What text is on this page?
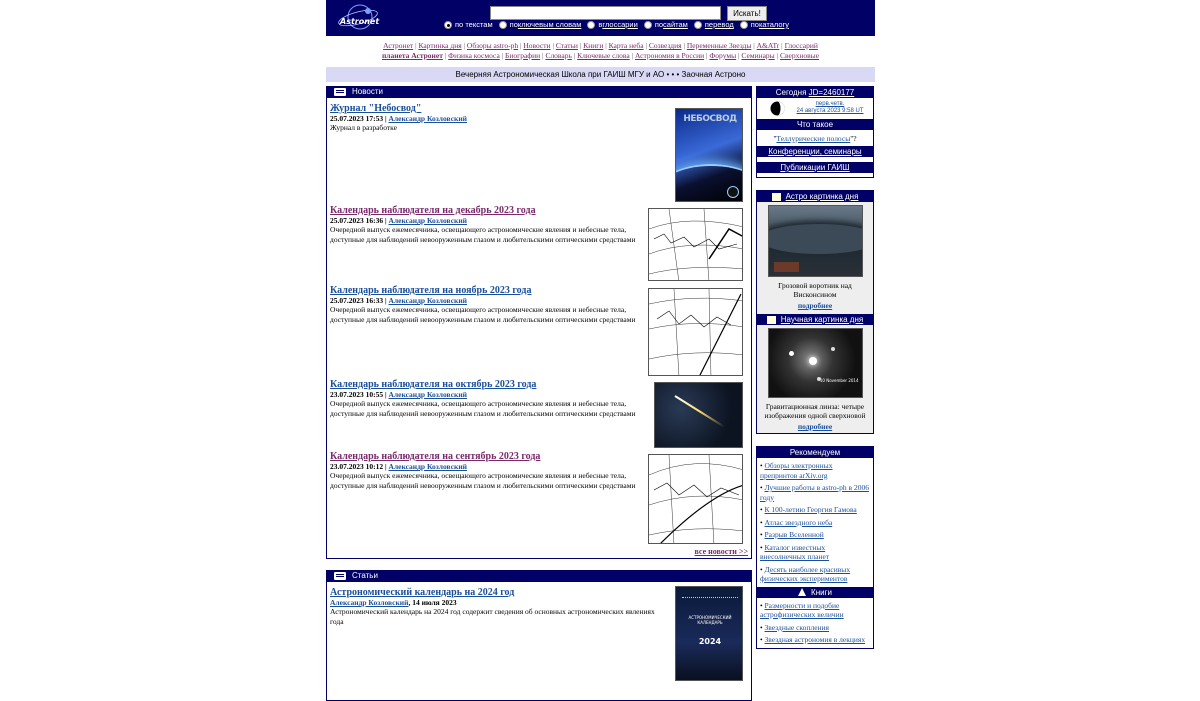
Astronet
Искать!
по текстам по ключевым словам в глоссарии по сайтам перевод по каталогу
Астронет | Картинка дня | Обзоры astro-ph | Новости | Статьи | Книги | Карта неба | Созвездия | Переменные Звезды | A&ATr | Глоссарий
планета Астронет | Физика космоса | Биографии | Словарь | Ключевые слова | Астрономия в России | Форумы | Семинары | Сверхновые
Вечерняя Астрономическая Школа при ГАИШ МГУ и АО • • • Заочная Астроно
Новости
Журнал "Небосвод"
25.07.2023 17:53 | Александр Козловский
Журнал в разработке
НЕБОСВОД
Календарь наблюдателя на декабрь 2023 года
25.07.2023 16:36 | Александр Козловский
Очередной выпуск ежемесячника, освещающего астрономические явления и небесные тела, доступные для наблюдений невооруженным глазом и любительскими оптическими средствами
Календарь наблюдателя на ноябрь 2023 года
25.07.2023 16:33 | Александр Козловский
Очередной выпуск ежемесячника, освещающего астрономические явления и небесные тела, доступные для наблюдений невооруженным глазом и любительскими оптическими средствами
Календарь наблюдателя на октябрь 2023 года
23.07.2023 10:55 | Александр Козловский
Очередной выпуск ежемесячника, освещающего астрономические явления и небесные тела, доступные для наблюдений невооруженным глазом и любительскими оптическими средствами
Календарь наблюдателя на сентябрь 2023 года
23.07.2023 10:12 | Александр Козловский
Очередной выпуск ежемесячника, освещающего астрономические явления и небесные тела, доступные для наблюдений невооруженным глазом и любительскими оптическими средствами
все новости >>
Статьи
Астрономический календарь на 2024 год
Александр Козловский, 14 июля 2023
Астрономический календарь на 2024 год содержит сведения об основных астрономических явлениях года	АСТРОНОМИЧЕСКИЙ КАЛЕНДАРЬ
2024
Сегодня JD=2460177
перв.четв.
24 августа 2023 9:58 UT
Что такое
"Теллурические полосы"?
Конференции, семинары
Публикации ГАИШ
Астро картинка дня
Грозовой воротник над Висконсином
подробнее
Научная картинка дня
10 November 2014
Гравитационная линза: четыре изображения одной сверхновой
подробнее
Рекомендуем
• Обзоры электронных препринтов arXiv.org
• Лучшие работы в astro-ph в 2006 году
• К 100-летию Георгия Гамова
• Атлас звездного неба
• Разрыв Вселенной
• Каталог известных внесолнечных планет
• Десять наиболее красивых физических экспериментов
Книги
• Размерности и подобие астрофизических величин
• Звездные скопления
• Звездная астрономия в лекциях
